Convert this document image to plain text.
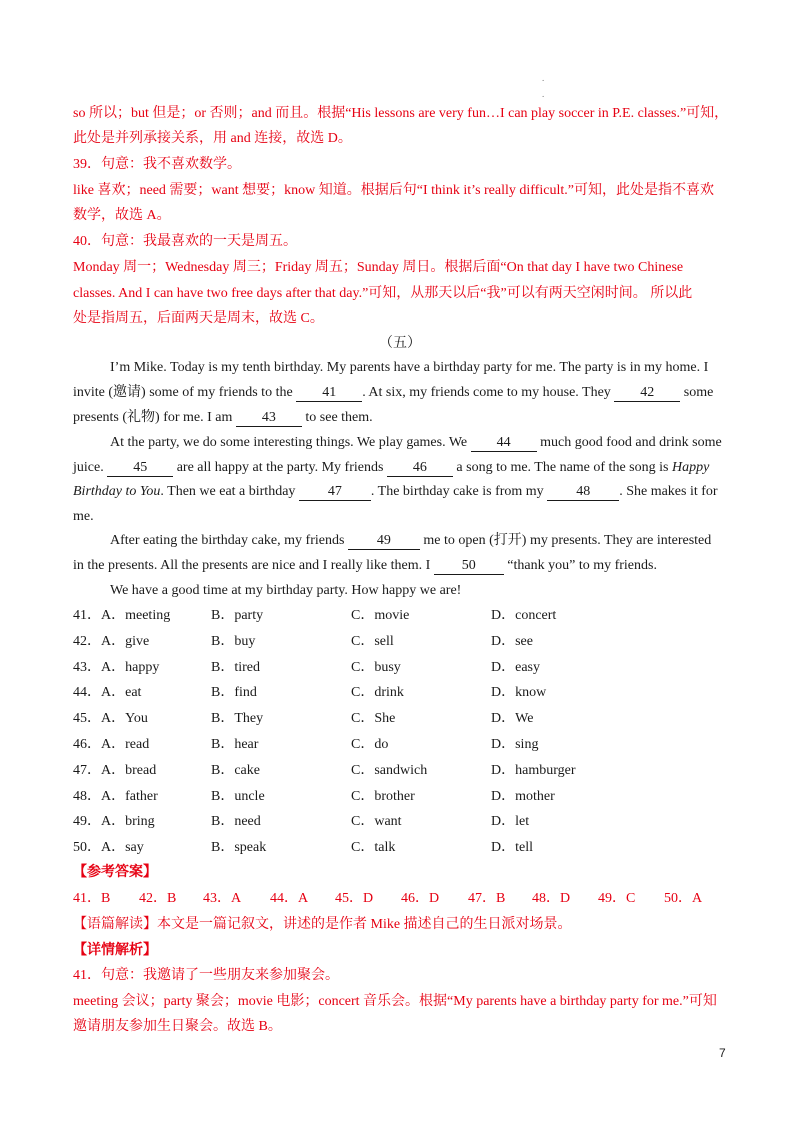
.
.
so 所以；but 但是；or 否则；and 而且。根据“His lessons are very fun…I can play soccer in P.E. classes.”可知，
此处是并列承接关系，用 and 连接，故选 D。
39．句意：我不喜欢数学。
like 喜欢；need 需要；want 想要；know 知道。根据后句“I think it’s really difficult.”可知，此处是指不喜欢
数学，故选 A。
40．句意：我最喜欢的一天是周五。
Monday 周一；Wednesday 周三；Friday 周五；Sunday 周日。根据后面“On that day I have two Chinese
classes. And I can have two free days after that day.”可知，从那天以后“我”可以有两天空闲时间。 所以此
处是指周五，后面两天是周末，故选 C。
（五）
I’m Mike. Today is my tenth birthday. My parents have a birthday party for me. The party is in my home. I
invite (邀请) some of my friends to the 41 . At six, my friends come to my house. They 42 some
presents (礼物) for me. I am 43 to see them.
At the party, we do some interesting things. We play games. We 44 much good food and drink some
juice. 45 are all happy at the party. My friends 46 a song to me. The name of the song is Happy
Birthday to You. Then we eat a birthday 47 . The birthday cake is from my 48 . She makes it for
me.
After eating the birthday cake, my friends 49 me to open (打开) my presents. They are interested
in the presents. All the presents are nice and I really like them. I 50 “thank you” to my friends.
We have a good time at my birthday party. How happy we are!
41． A．meeting	B．party	C．movie	D．concert
42． A．give	B．buy	C．sell	D．see
43． A．happy	B．tired	C．busy	D．easy
44． A．eat	B．find	C．drink	D．know
45． A．You	B．They	C．She	D．We
46． A．read	B．hear	C．do	D．sing
47． A．bread	B．cake	C．sandwich	D．hamburger
48． A．father	B．uncle	C．brother	D．mother
49． A．bring	B．need	C．want	D．let
50． A．say	B．speak	C．talk	D．tell
【参考答案】
41．B 42．B 43．A 44．A 45．D 46．D 47．B 48．D 49．C 50．A
【语篇解读】本文是一篇记叙文，讲述的是作者 Mike 描述自己的生日派对场景。
【详情解析】
41．句意：我邀请了一些朋友来参加聚会。
meeting 会议；party 聚会；movie 电影；concert 音乐会。根据“My parents have a birthday party for me.”可知
邀请朋友参加生日聚会。故选 B。
7
